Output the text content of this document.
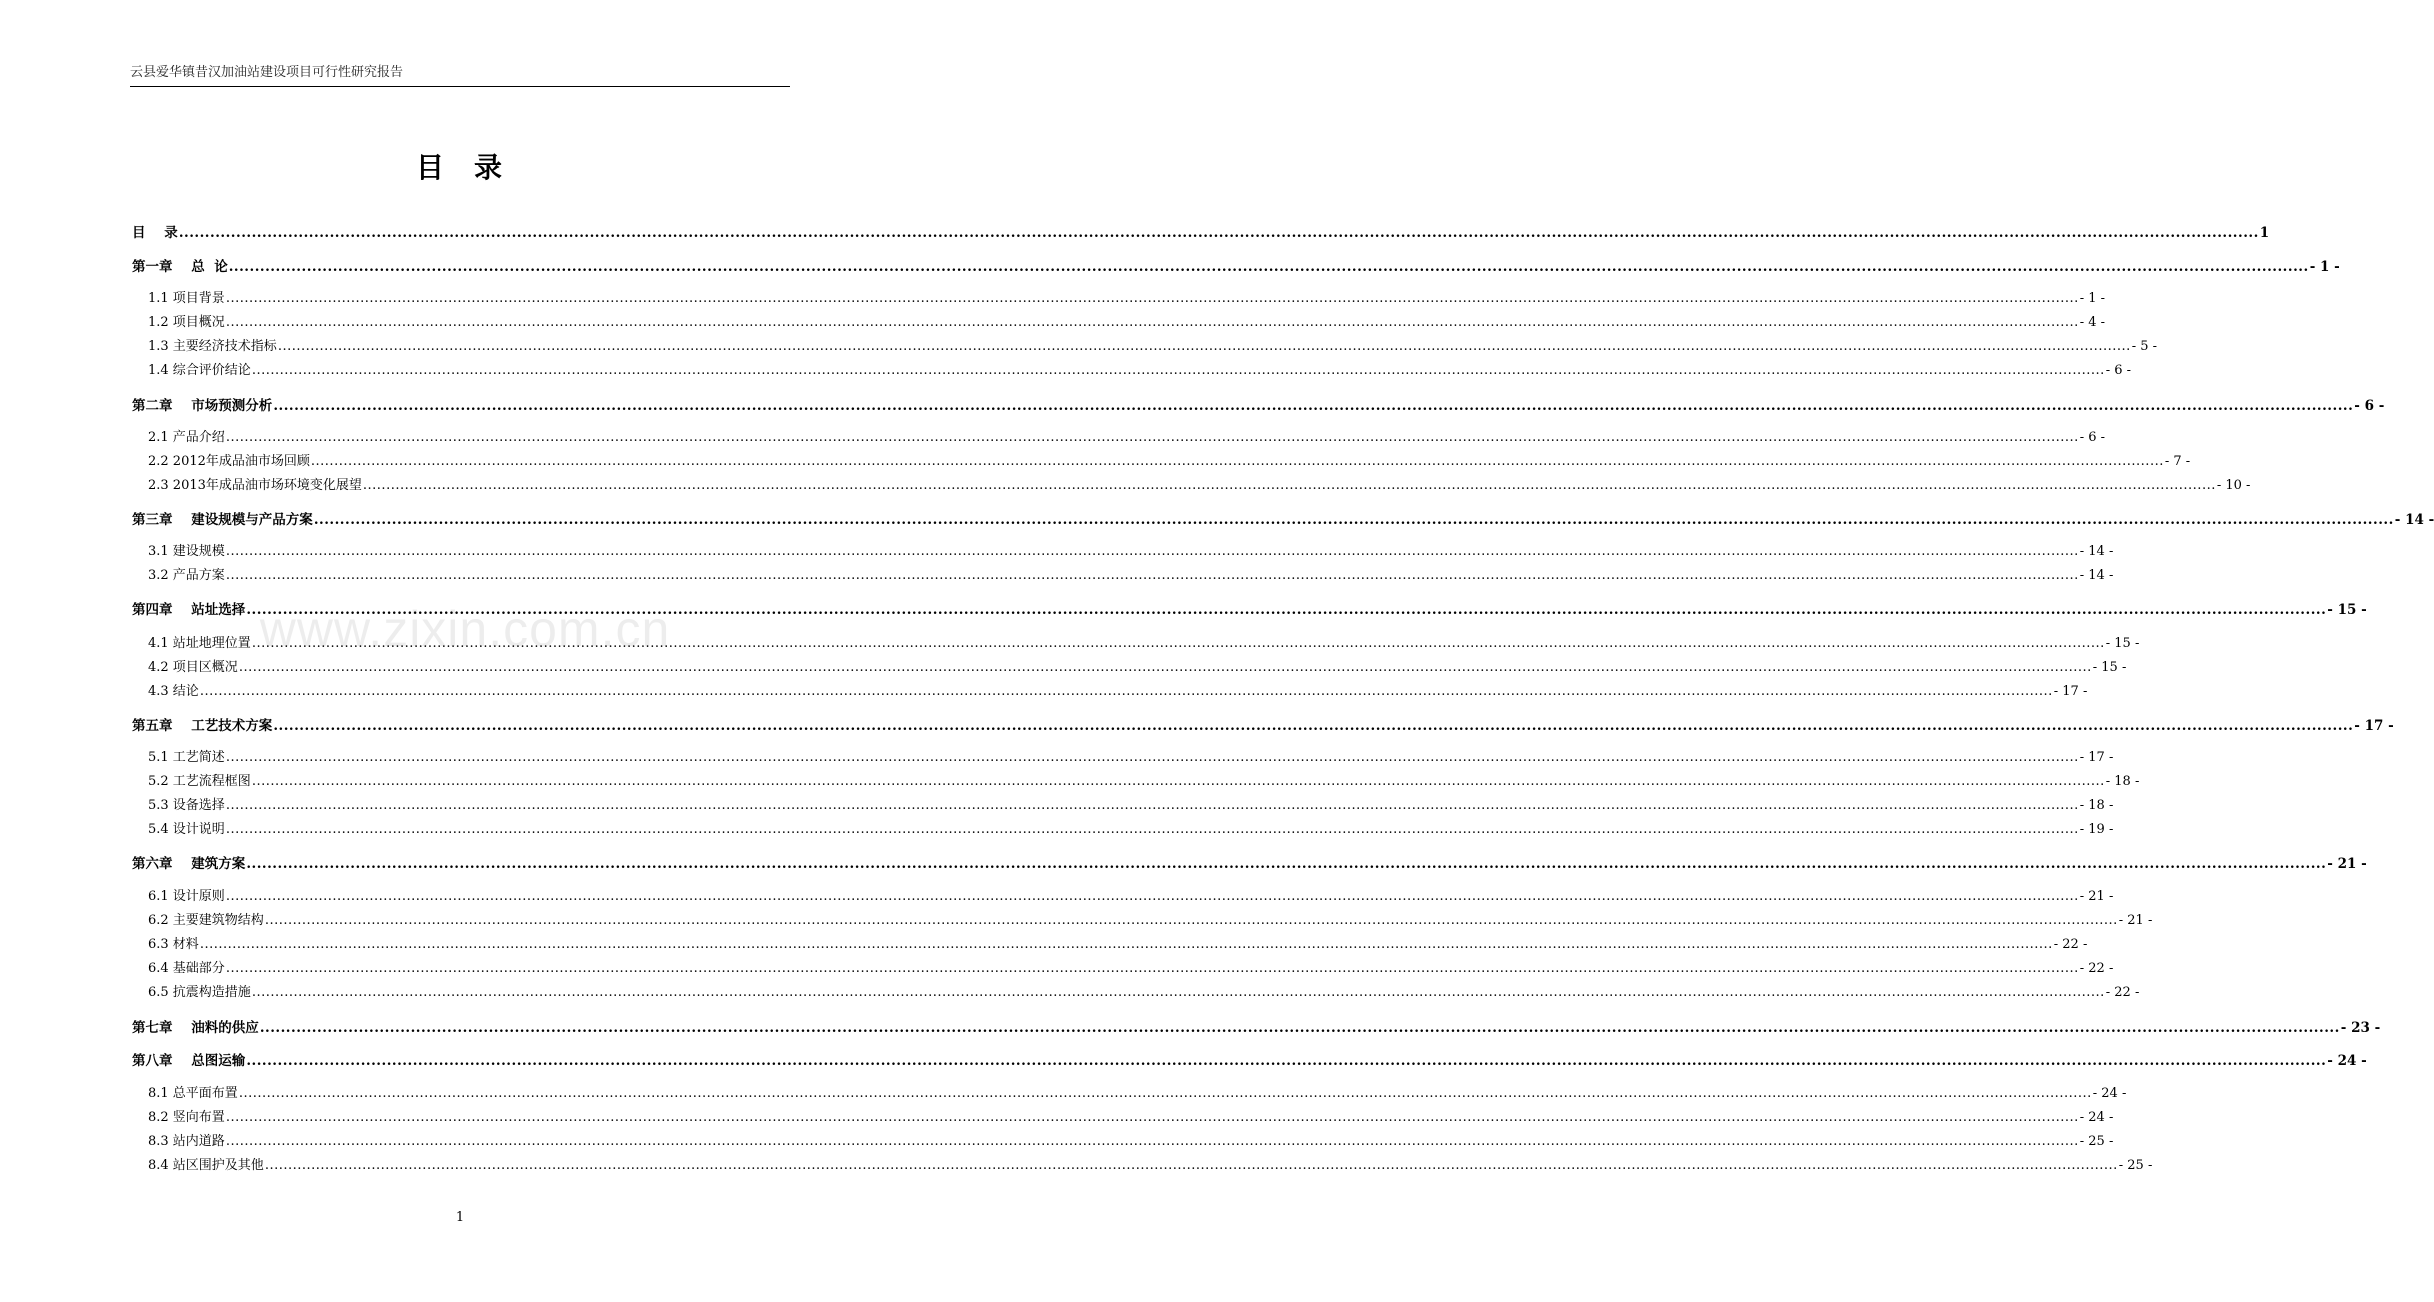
云县爱华镇昔汉加油站建设项目可行性研究报告
目 录
www.zixin.com.cn
目    录 ................................................................................................................................................................................................................................................................................................................................................................................................................ 1
第一章    总  论 ................................................................................................................................................................................................................................................................................................................................................................................................................ - 1 -
1.1 项目背景 ................................................................................................................................................................................................................................................................................................................................................................................................................ - 1 -
1.2 项目概况 ................................................................................................................................................................................................................................................................................................................................................................................................................ - 4 -
1.3 主要经济技术指标 ................................................................................................................................................................................................................................................................................................................................................................................................................ - 5 -
1.4 综合评价结论 ................................................................................................................................................................................................................................................................................................................................................................................................................ - 6 -
第二章    市场预测分析 ................................................................................................................................................................................................................................................................................................................................................................................................................ - 6 -
2.1 产品介绍 ................................................................................................................................................................................................................................................................................................................................................................................................................ - 6 -
2.2 2012年成品油市场回顾 ................................................................................................................................................................................................................................................................................................................................................................................................................ - 7 -
2.3 2013年成品油市场环境变化展望 ................................................................................................................................................................................................................................................................................................................................................................................................................ - 10 -
第三章    建设规模与产品方案 ................................................................................................................................................................................................................................................................................................................................................................................................................ - 14 -
3.1 建设规模 ................................................................................................................................................................................................................................................................................................................................................................................................................ - 14 -
3.2 产品方案 ................................................................................................................................................................................................................................................................................................................................................................................................................ - 14 -
第四章    站址选择 ................................................................................................................................................................................................................................................................................................................................................................................................................ - 15 -
4.1 站址地理位置 ................................................................................................................................................................................................................................................................................................................................................................................................................ - 15 -
4.2 项目区概况 ................................................................................................................................................................................................................................................................................................................................................................................................................ - 15 -
4.3 结论 ................................................................................................................................................................................................................................................................................................................................................................................................................ - 17 -
第五章    工艺技术方案 ................................................................................................................................................................................................................................................................................................................................................................................................................ - 17 -
5.1 工艺简述 ................................................................................................................................................................................................................................................................................................................................................................................................................ - 17 -
5.2 工艺流程框图 ................................................................................................................................................................................................................................................................................................................................................................................................................ - 18 -
5.3 设备选择 ................................................................................................................................................................................................................................................................................................................................................................................................................ - 18 -
5.4 设计说明 ................................................................................................................................................................................................................................................................................................................................................................................................................ - 19 -
第六章    建筑方案 ................................................................................................................................................................................................................................................................................................................................................................................................................ - 21 -
6.1 设计原则 ................................................................................................................................................................................................................................................................................................................................................................................................................ - 21 -
6.2 主要建筑物结构 ................................................................................................................................................................................................................................................................................................................................................................................................................ - 21 -
6.3 材料 ................................................................................................................................................................................................................................................................................................................................................................................................................ - 22 -
6.4 基础部分 ................................................................................................................................................................................................................................................................................................................................................................................................................ - 22 -
6.5 抗震构造措施 ................................................................................................................................................................................................................................................................................................................................................................................................................ - 22 -
第七章    油料的供应 ................................................................................................................................................................................................................................................................................................................................................................................................................ - 23 -
第八章    总图运输 ................................................................................................................................................................................................................................................................................................................................................................................................................ - 24 -
8.1 总平面布置 ................................................................................................................................................................................................................................................................................................................................................................................................................ - 24 -
8.2 竖向布置 ................................................................................................................................................................................................................................................................................................................................................................................................................ - 24 -
8.3 站内道路 ................................................................................................................................................................................................................................................................................................................................................................................................................ - 25 -
8.4 站区围护及其他 ................................................................................................................................................................................................................................................................................................................................................................................................................ - 25 -
1
